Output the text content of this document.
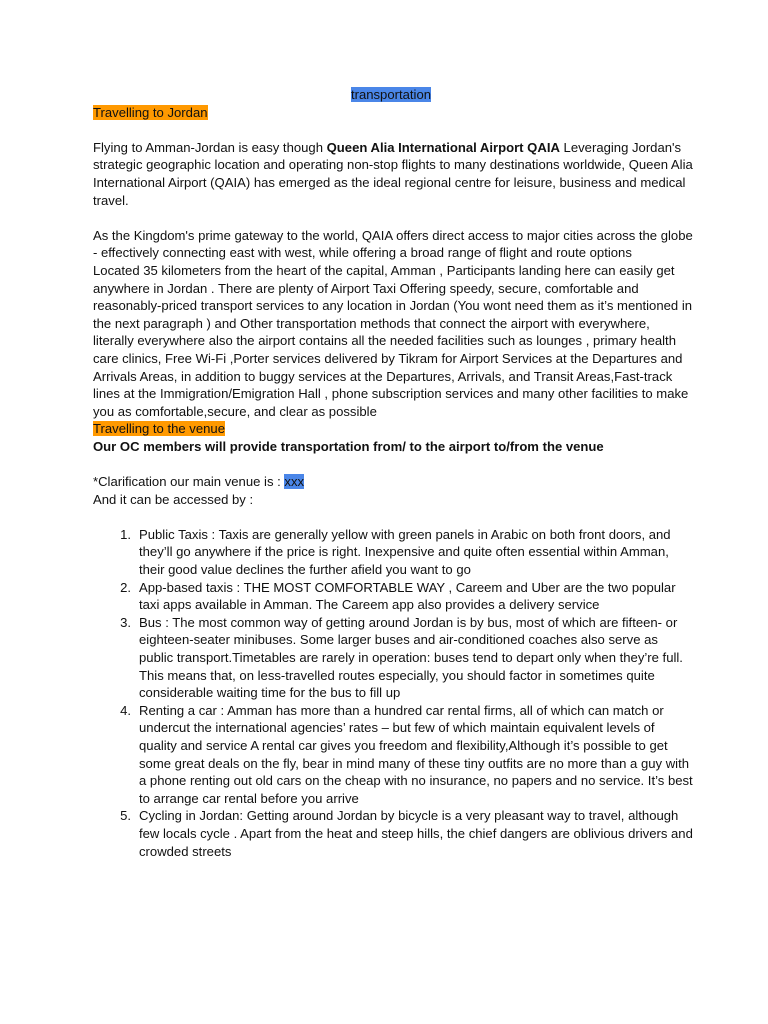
transportation

Travelling to Jordan

Flying to Amman-Jordan is easy though Queen Alia International Airport QAIA Leveraging Jordan's strategic geographic location and operating non-stop flights to many destinations worldwide, Queen Alia International Airport (QAIA) has emerged as the ideal regional centre for leisure, business and medical travel.

As the Kingdom's prime gateway to the world, QAIA offers direct access to major cities across the globe - effectively connecting east with west, while offering a broad range of flight and route options

Located 35 kilometers from the heart of the capital, Amman , Participants landing here can easily get anywhere in Jordan . There are plenty of Airport Taxi Offering speedy, secure, comfortable and reasonably-priced transport services to any location in Jordan (You wont need them as it’s mentioned in the next paragraph ) and Other transportation methods that connect the airport with everywhere, literally everywhere also the airport contains all the needed facilities such as lounges , primary health care clinics, Free Wi-Fi ,Porter services delivered by Tikram for Airport Services at the Departures and Arrivals Areas, in addition to buggy services at the Departures, Arrivals, and Transit Areas,Fast-track lines at the Immigration/Emigration Hall , phone subscription services and many other facilities to make you as comfortable,secure, and clear as possible

Travelling to the venue

Our OC members will provide transportation from/ to the airport to/from the venue

*Clarification our main venue is : xxx

And it can be accessed by :

1. Public Taxis : Taxis are generally yellow with green panels in Arabic on both front doors, and they’ll go anywhere if the price is right. Inexpensive and quite often essential within Amman, their good value declines the further afield you want to go
2. App-based taxis : THE MOST COMFORTABLE WAY , Careem and Uber are the two popular taxi apps available in Amman. The Careem app also provides a delivery service
3. Bus : The most common way of getting around Jordan is by bus, most of which are fifteen- or eighteen-seater minibuses. Some larger buses and air-conditioned coaches also serve as public transport.Timetables are rarely in operation: buses tend to depart only when they’re full. This means that, on less-travelled routes especially, you should factor in sometimes quite considerable waiting time for the bus to fill up
4. Renting a car : Amman has more than a hundred car rental firms, all of which can match or undercut the international agencies’ rates – but few of which maintain equivalent levels of quality and service A rental car gives you freedom and flexibility,Although it’s possible to get some great deals on the fly, bear in mind many of these tiny outfits are no more than a guy with a phone renting out old cars on the cheap with no insurance, no papers and no service. It’s best to arrange car rental before you arrive
5. Cycling in Jordan: Getting around Jordan by bicycle is a very pleasant way to travel, although few locals cycle . Apart from the heat and steep hills, the chief dangers are oblivious drivers and crowded streets
